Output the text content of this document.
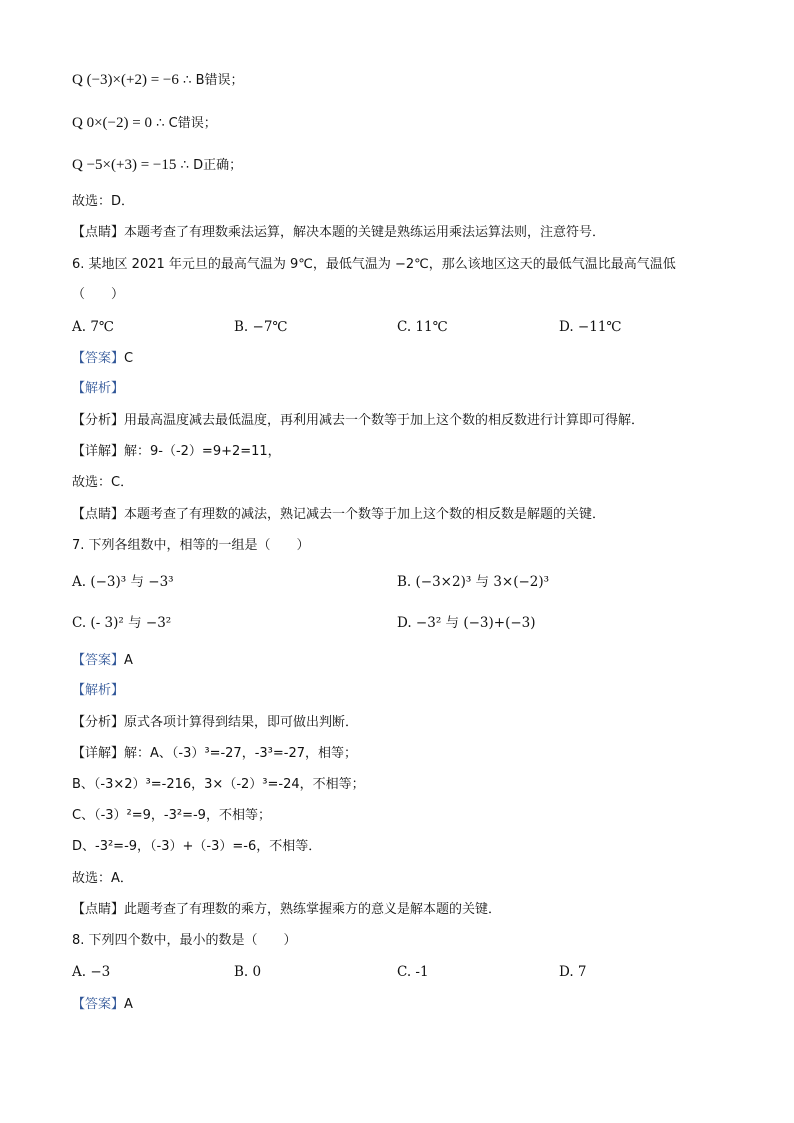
Q (−3)×(+2) = −6 ∴ B错误；
Q 0×(−2) = 0 ∴ C错误；
Q −5×(+3) = −15 ∴ D正确；
故选：D．
【点睛】本题考查了有理数乘法运算，解决本题的关键是熟练运用乘法运算法则，注意符号．
6. 某地区 2021 年元旦的最高气温为 9℃，最低气温为 −2℃，那么该地区这天的最低气温比最高气温低
（　　）
A. 7℃	B. −7℃	C. 11℃	D. −11℃
【答案】C
【解析】
【分析】用最高温度减去最低温度，再利用减去一个数等于加上这个数的相反数进行计算即可得解．
【详解】解：9-（-2）=9+2=11，
故选：C．
【点睛】本题考查了有理数的减法，熟记减去一个数等于加上这个数的相反数是解题的关键．
7. 下列各组数中，相等的一组是（　　）
A. (−3)³ 与 −3³	B. (−3×2)³ 与 3×(−2)³
C. (- 3)² 与 −3²	D. −3² 与 (−3)+(−3)
【答案】A
【解析】
【分析】原式各项计算得到结果，即可做出判断．
【详解】解：A、（-3）³=-27，-3³=-27，相等；
B、（-3×2）³=-216，3×（-2）³=-24，不相等；
C、（-3）²=9，-3²=-9，不相等；
D、-3²=-9，（-3）+（-3）=-6，不相等．
故选：A．
【点睛】此题考查了有理数的乘方，熟练掌握乘方的意义是解本题的关键．
8. 下列四个数中，最小的数是（　　）
A. −3	B. 0	C. -1	D. 7
【答案】A
